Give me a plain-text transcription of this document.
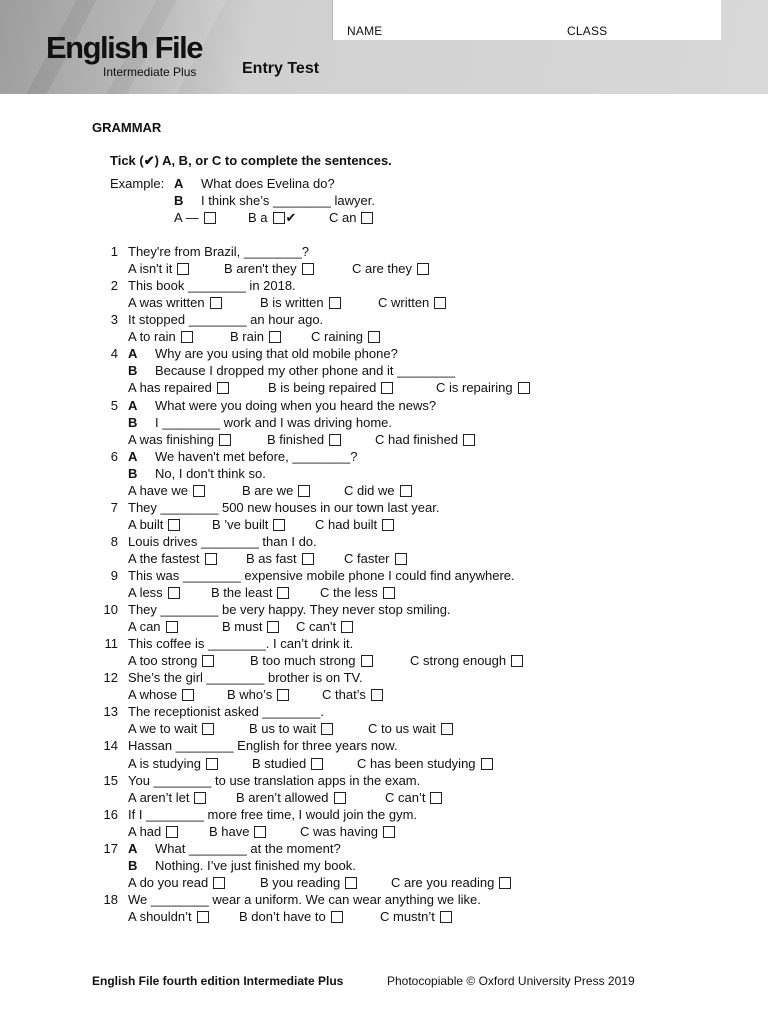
NAME	CLASS
English File
Intermediate Plus	Entry Test
GRAMMAR
Tick (✔) A, B, or C to complete the sentences.
Example: A What does Evelina do?
B I think she’s ________ lawyer.
A —	B a ✔	C an
1 They're from Brazil, ________?
A isn't it	B aren't they	C are they
2 This book ________ in 2018.
A was written	B is written	C written
3 It stopped ________ an hour ago.
A to rain	B rain	C raining
4 A Why are you using that old mobile phone?
B Because I dropped my other phone and it ________
A has repaired	B is being repaired	C is repairing
5 A What were you doing when you heard the news?
B I ________ work and I was driving home.
A was finishing	B finished	C had finished
6 A We haven't met before, ________?
B No, I don't think so.
A have we	B are we	C did we
7 They ________ 500 new houses in our town last year.
A built	B ’ve built	C had built
8 Louis drives ________ than I do.
A the fastest	B as fast	C faster
9 This was ________ expensive mobile phone I could find anywhere.
A less	B the least	C the less
10 They ________ be very happy. They never stop smiling.
A can	B must	C can't
11 This coffee is ________. I can’t drink it.
A too strong	B too much strong	C strong enough
12 She’s the girl ________ brother is on TV.
A whose	B who’s	C that’s
13 The receptionist asked ________.
A we to wait	B us to wait	C to us wait
14 Hassan ________ English for three years now.
A is studying	B studied	C has been studying
15 You ________ to use translation apps in the exam.
A aren’t let	B aren’t allowed	C can’t
16 If I ________ more free time, I would join the gym.
A had	B have	C was having
17 A What ________ at the moment?
B Nothing. I’ve just finished my book.
A do you read	B you reading	C are you reading
18 We ________ wear a uniform. We can wear anything we like.
A shouldn’t	B don’t have to	C mustn’t
English File fourth edition Intermediate Plus	Photocopiable © Oxford University Press 2019
